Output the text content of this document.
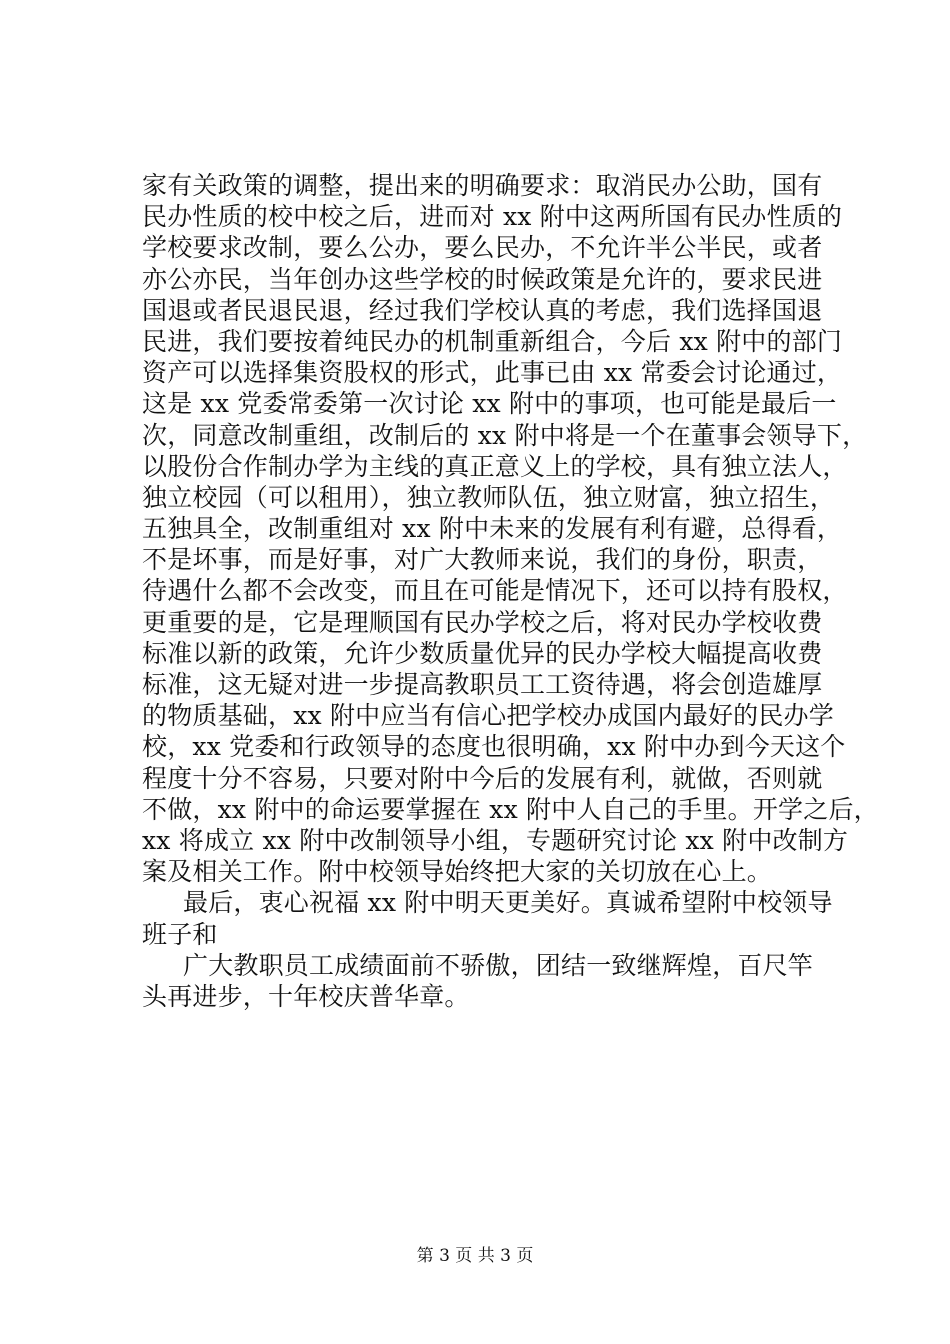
家有关政策的调整，提出来的明确要求：取消民办公助，国有
民办性质的校中校之后，进而对 xx 附中这两所国有民办性质的
学校要求改制，要么公办，要么民办，不允许半公半民，或者
亦公亦民，当年创办这些学校的时候政策是允许的，要求民进
国退或者民退民退，经过我们学校认真的考虑，我们选择国退
民进，我们要按着纯民办的机制重新组合，今后 xx 附中的部门
资产可以选择集资股权的形式，此事已由 xx 常委会讨论通过，
这是 xx 党委常委第一次讨论 xx 附中的事项，也可能是最后一
次，同意改制重组，改制后的 xx 附中将是一个在董事会领导下，
以股份合作制办学为主线的真正意义上的学校，具有独立法人，
独立校园（可以租用），独立教师队伍，独立财富，独立招生，
五独具全，改制重组对 xx 附中未来的发展有利有避，总得看，
不是坏事，而是好事，对广大教师来说，我们的身份，职责，
待遇什么都不会改变，而且在可能是情况下，还可以持有股权，
更重要的是，它是理顺国有民办学校之后，将对民办学校收费
标准以新的政策，允许少数质量优异的民办学校大幅提高收费
标准，这无疑对进一步提高教职员工工资待遇，将会创造雄厚
的物质基础，xx 附中应当有信心把学校办成国内最好的民办学
校，xx 党委和行政领导的态度也很明确，xx 附中办到今天这个
程度十分不容易，只要对附中今后的发展有利，就做，否则就
不做，xx 附中的命运要掌握在 xx 附中人自己的手里。开学之后，
xx 将成立 xx 附中改制领导小组，专题研究讨论 xx 附中改制方
案及相关工作。附中校领导始终把大家的关切放在心上。
最后，衷心祝福 xx 附中明天更美好。真诚希望附中校领导
班子和
广大教职员工成绩面前不骄傲，团结一致继辉煌，百尺竿
头再进步，十年校庆普华章。
第 3 页 共 3 页
